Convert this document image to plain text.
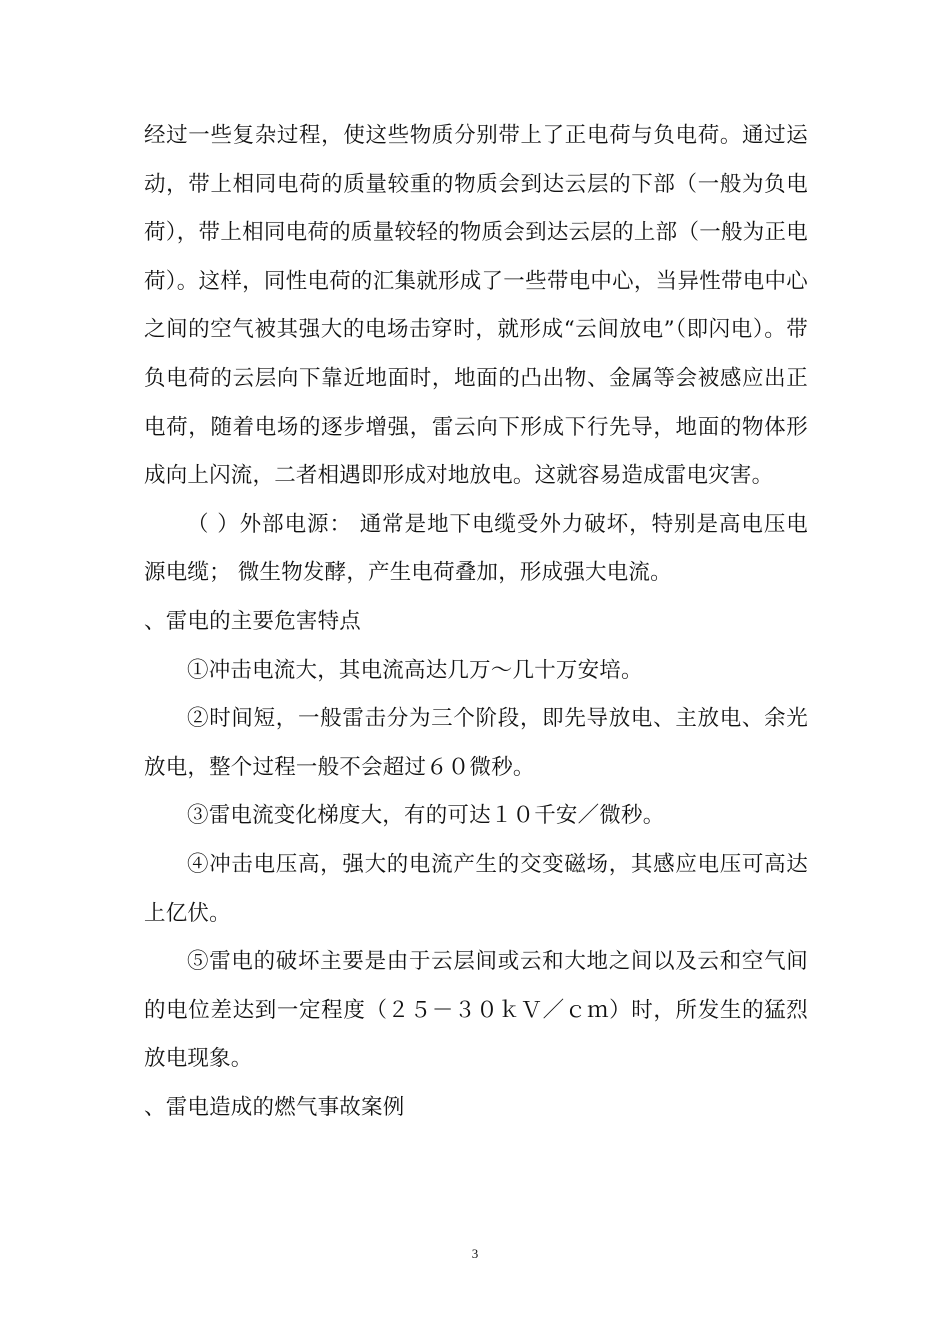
经过一些复杂过程，使这些物质分别带上了正电荷与负电荷。通过运动，带上相同电荷的质量较重的物质会到达云层的下部（一般为负电荷），带上相同电荷的质量较轻的物质会到达云层的上部（一般为正电荷）。这样，同性电荷的汇集就形成了一些带电中心，当异性带电中心之间的空气被其强大的电场击穿时，就形成“云间放电”（即闪电）。带负电荷的云层向下靠近地面时，地面的凸出物、金属等会被感应出正电荷，随着电场的逐步增强，雷云向下形成下行先导，地面的物体形成向上闪流，二者相遇即形成对地放电。这就容易造成雷电灾害。

（ ）外部电源： 通常是地下电缆受外力破坏，特别是高电压电源电缆； 微生物发酵，产生电荷叠加，形成强大电流。

、雷电的主要危害特点

①冲击电流大，其电流高达几万～几十万安培。

②时间短，一般雷击分为三个阶段，即先导放电、主放电、余光放电，整个过程一般不会超过６０微秒。

③雷电流变化梯度大，有的可达１０千安／微秒。

④冲击电压高，强大的电流产生的交变磁场，其感应电压可高达上亿伏。

⑤雷电的破坏主要是由于云层间或云和大地之间以及云和空气间的电位差达到一定程度（２５－３０ｋＶ／ｃｍ）时，所发生的猛烈放电现象。

、雷电造成的燃气事故案例

3
